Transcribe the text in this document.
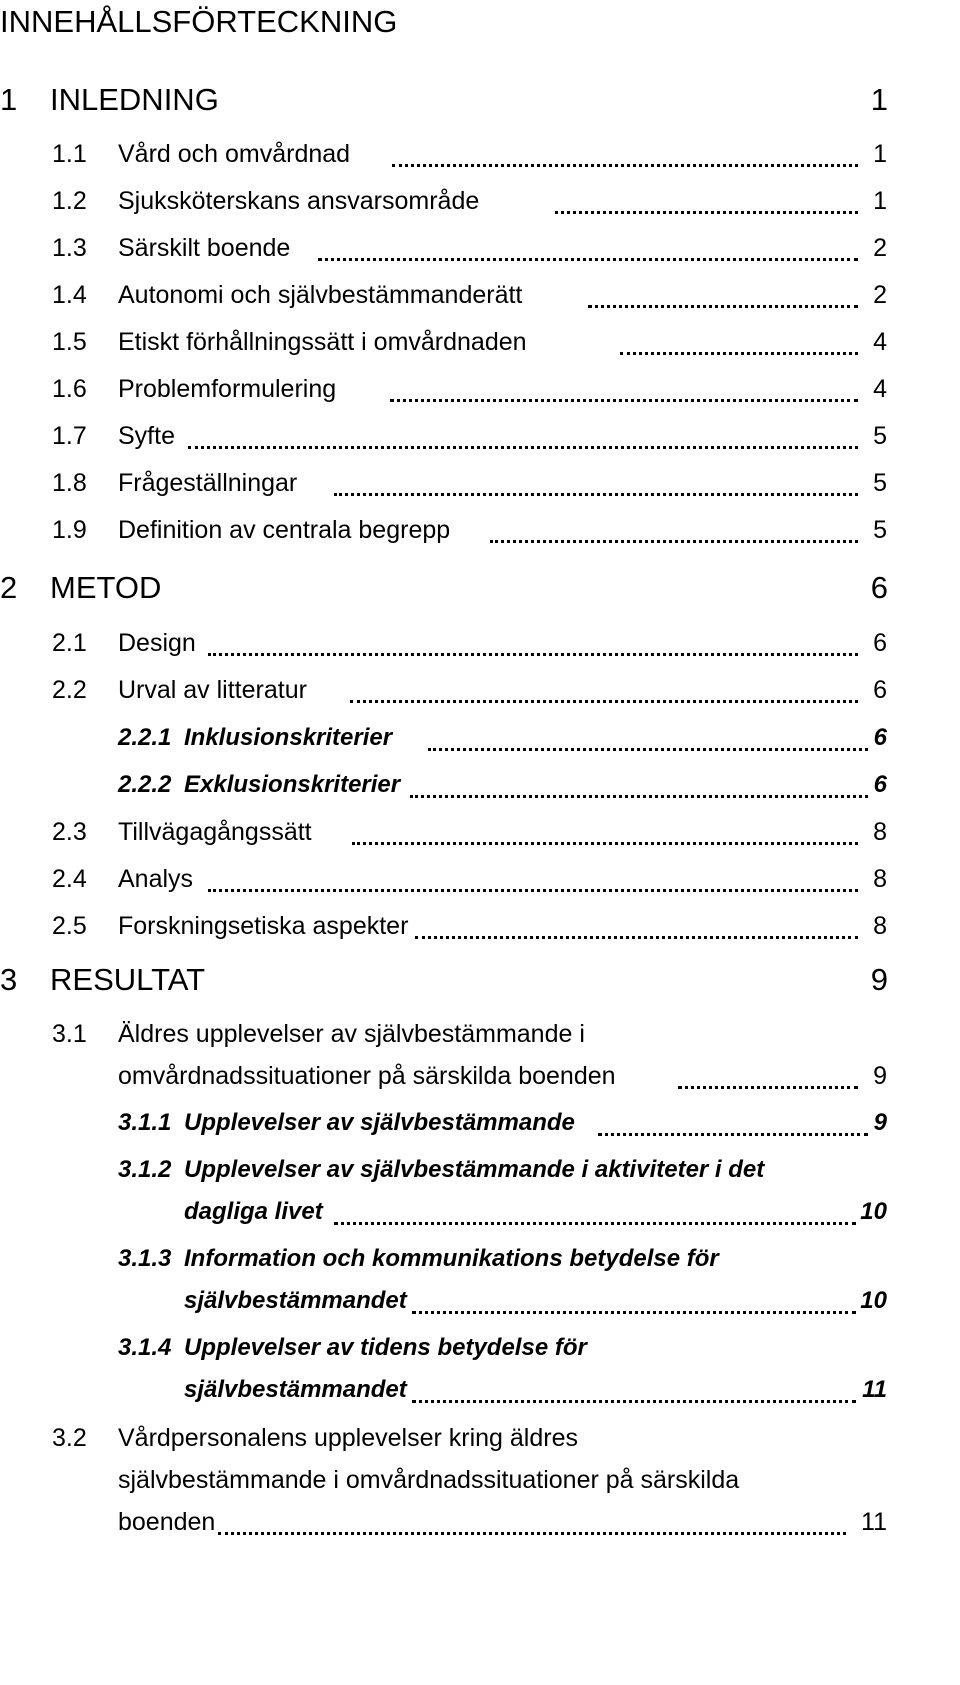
INNEHÅLLSFÖRTECKNING
1 INLEDNING	1
1.1 Vård och omvårdnad	1
1.2 Sjuksköterskans ansvarsområde	1
1.3 Särskilt boende	2
1.4 Autonomi och självbestämmanderätt	2
1.5 Etiskt förhållningssätt i omvårdnaden	4
1.6 Problemformulering	4
1.7 Syfte	5
1.8 Frågeställningar	5
1.9 Definition av centrala begrepp	5
2 METOD	6
2.1 Design	6
2.2 Urval av litteratur	6
2.2.1 Inklusionskriterier	6
2.2.2 Exklusionskriterier	6
2.3 Tillvägagångssätt	8
2.4 Analys	8
2.5 Forskningsetiska aspekter	8
3 RESULTAT	9
3.1 Äldres upplevelser av självbestämmande i
omvårdnadssituationer på särskilda boenden	9
3.1.1 Upplevelser av självbestämmande	9
3.1.2 Upplevelser av självbestämmande i aktiviteter i det
dagliga livet	10
3.1.3 Information och kommunikations betydelse för
självbestämmandet	10
3.1.4 Upplevelser av tidens betydelse för
självbestämmandet	11
3.2 Vårdpersonalens upplevelser kring äldres
självbestämmande i omvårdnadssituationer på särskilda
boenden	11
